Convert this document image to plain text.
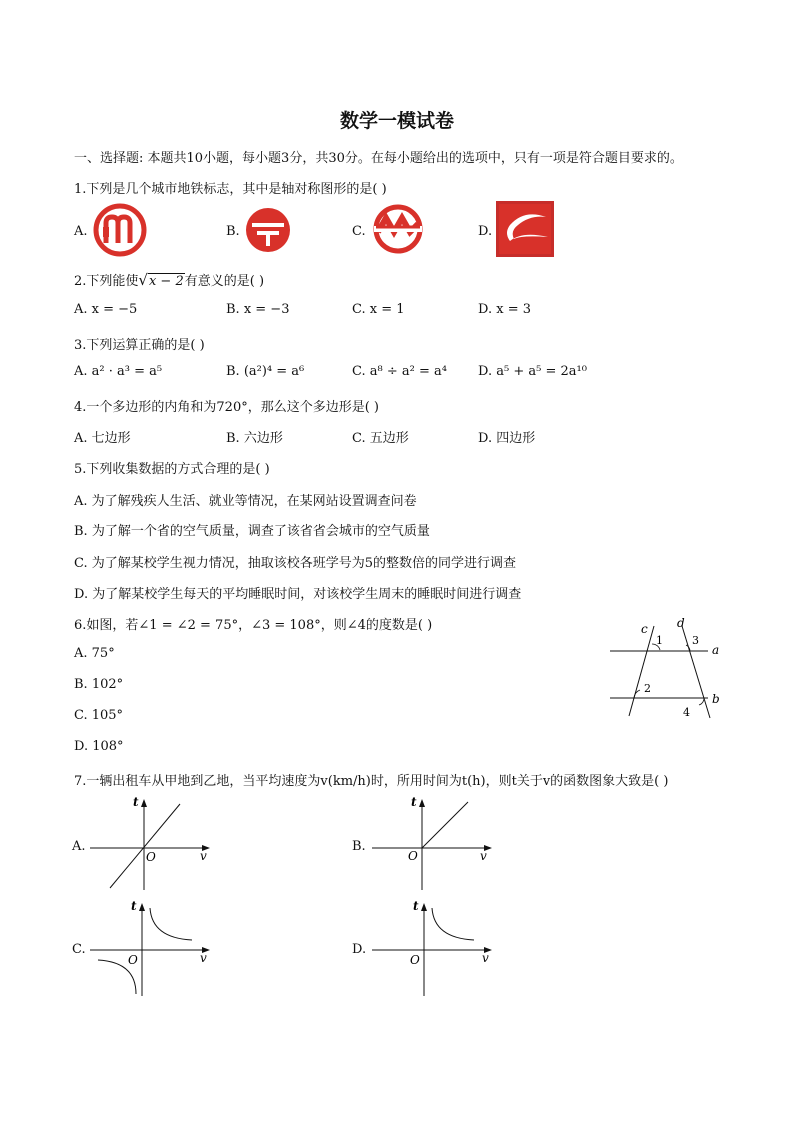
数学一模试卷
一、选择题: 本题共10小题，每小题3分，共30分。在每小题给出的选项中，只有一项是符合题目要求的。
1.下列是几个城市地铁标志，其中是轴对称图形的是( )
A.	B.	C.	D.
2.下列能使√x − 2有意义的是( )
A. x = −5	B. x = −3	C. x = 1	D. x = 3
3.下列运算正确的是( )
A. a² · a³ = a⁵	B. (a²)⁴ = a⁶	C. a⁸ ÷ a² = a⁴ D. a⁵ + a⁵ = 2a¹⁰
4.一个多边形的内角和为720°，那么这个多边形是( )
A. 七边形	B. 六边形	C. 五边形	D. 四边形
5.下列收集数据的方式合理的是( )
A. 为了解残疾人生活、就业等情况，在某网站设置调查问卷
B. 为了解一个省的空气质量，调查了该省省会城市的空气质量
C. 为了解某校学生视力情况，抽取该校各班学号为5的整数倍的同学进行调查
D. 为了解某校学生每天的平均睡眠时间，对该校学生周末的睡眠时间进行调查
6.如图，若∠1 = ∠2 = 75°，∠3 = 108°，则∠4的度数是( )
A. 75°
B. 102°
C. 105°
D. 108°
c d
a
b
1
2
3
4
7.一辆出租车从甲地到乙地，当平均速度为v(km/h)时，所用时间为t(h)，则t关于v的函数图象大致是( )
A.	B.
C.	D.
t
v
O
t
v
O
t
v
O
t
v
O
